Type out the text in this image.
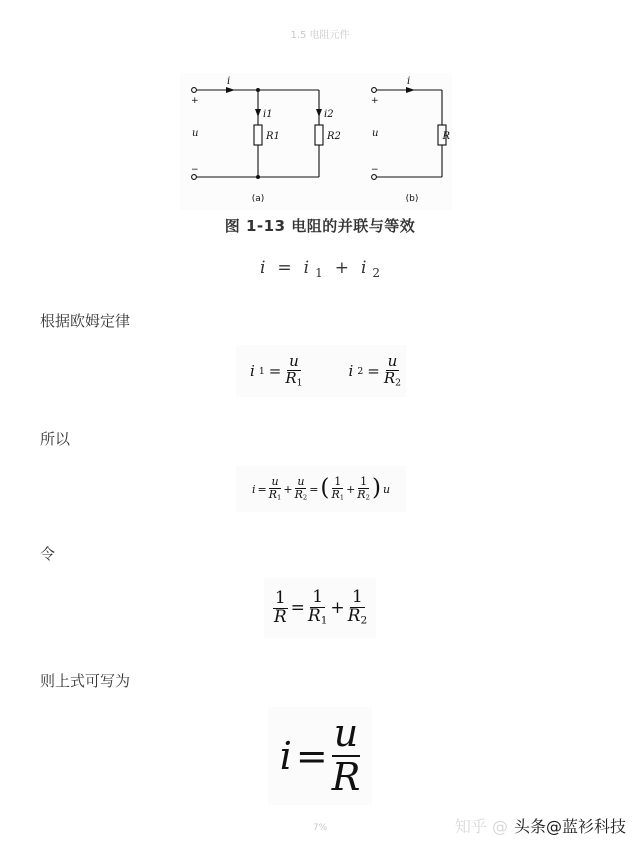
1.5 电阻元件
i
i1	i2
u	R1	R2
i
u	R
+
−
+
−
(a)	(b)
图 1-13 电阻的并联与等效
i = i $_1$ + i $_2$
根据欧姆定律
i $1 = \frac{u}{R1}$	i $2 = \frac{u}{R2}$
所以
$i = \frac{u}{R1} + \frac{u}{R2}$ = ( $\frac{1}{R1} + \frac{1}{R2}$ ) u
令
$\frac{1}{R} = \frac{1}{R1} + \frac{1}{R2}$
则上式可写为
$i = \frac{u}{R}$
7%	知乎 @ 头条@蓝衫科技
